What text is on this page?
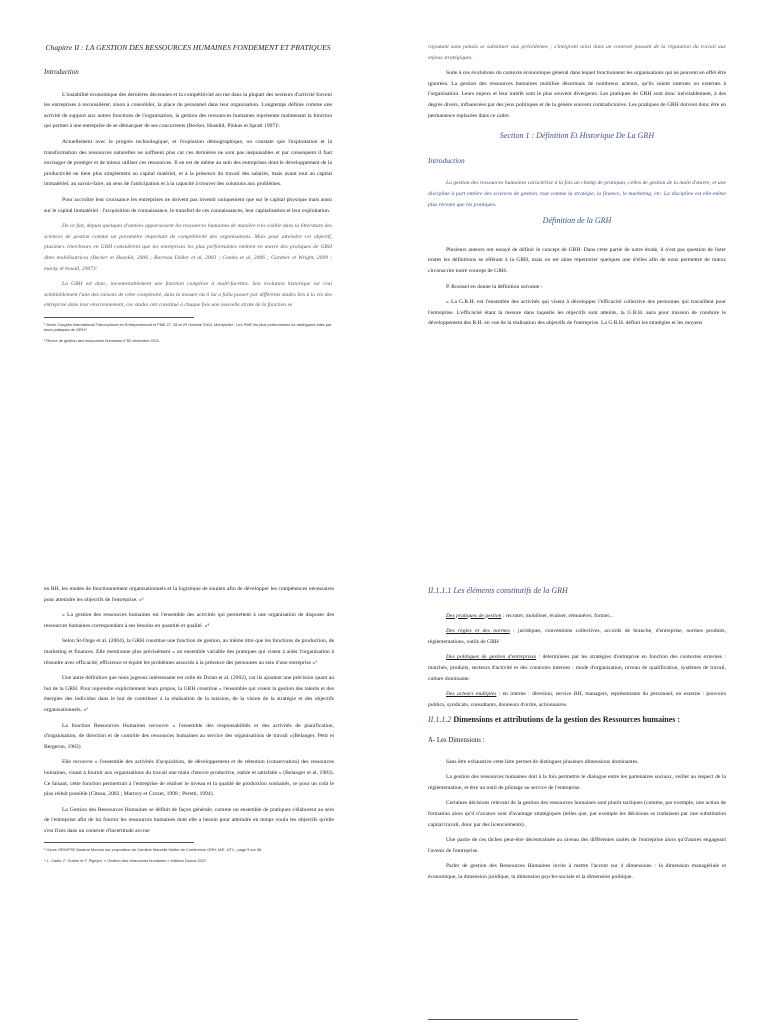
Chapitre II : LA GESTION DES RESSOURCES HUMAINES FONDEMENT ET PRATIQUES
Introduction

L'instabilité économique des dernières décennies et la compétitivité accrue dans la plupart des secteurs d'activité forcent les entreprises à reconsidérer, sinon à consolider, la place du personnel dans leur organisation. Longtemps définie comme une activité de support aux autres fonctions de l'organisation, la gestion des ressources humaines représente maintenant la fonction qui permet à une entreprise de se démarquer de ses concurrents (Becker, Huselid, Pinkus et Spratt 1997)¹.

Actuellement avec le progrès technologique, et l'explosion démographique, on constate que l'exploitation et la transformation des ressources naturelles ne suffisent plus car ces dernières ne sont pas inépuisables et par conséquent il faut envisager de protéger et de mieux utiliser ces ressources. Il en est de même au sein des entreprises dont le développement de la productivité ne tient plus simplement au capital matériel, et à la présence du travail des salariés, mais avant tout au capital immatériel, au savoir-faire, au sens de l'anticipation et à la capacité à trouver des solutions aux problèmes.

Pour accroître leur croissance les entreprises ne doivent pas investir uniquement que sur le capital physique mais aussi sur le capital immatériel : l'acquisition de connaissance, le transfert de ces connaissances, leur capitalisation et leur exploitation.

De ce fait, depuis quelques d'années apparaissent les ressources humaines de manière très visible dans la littérature des sciences de gestion comme un paramètre important de compétitivité des organisations. Mais pour atteindre cet objectif, plusieurs chercheurs en GRH considèrent que les entreprises les plus performantes mettent en œuvre des pratiques de GRH dites mobilisatrices (Becker et Huselid, 2006 ; Barreau Didier et al, 2003 ; Combs et al, 2006 ; Gardner et Wright, 2009 ; macky et boxall, 2007)²

La GRH est donc, incontestablement une fonction complexe à multi-facettes. Son évolution historique est vrai semblablement l'une des raisons de cette complexité, dans la mesure où il lui a fallu passer par différents stades liés à la vie des entreprise dans leur environnement, ces stades ont constitué à chaque fois une nouvelle strate de la fonction se

¹ 5ème Congrès International Francophone en Entrepreneuriat et PME 27, 28 et 29 Octobre 2004, Montpellier : Les PME les plus performantes se distinguent-elles par leurs pratiques de GRH?

² Revue de gestion des ressources humaines n°82 décembre 2011.

rajoutant sans jamais se substituer aux précédentes ; s'intégrant ainsi dans un contexte passant de la régulation du travail aux enjeux stratégiques.

Suite à ces évolutions du contexte économique général dans lequel fonctionnent les organisations qui ne peuvent en effet être ignorées. La gestion des ressources humaines mobilise désormais de nombreux acteurs, qu'ils soient internes ou externes à l'organisation. Leurs enjeux et leur intérêt sont le plus souvent divergents. Les pratiques de GRH sont donc inévitablement, à des degrés divers, influencées par des jeux politiques et de la génère souvent contradictoires. Les pratiques de GRH doivent donc être en permanence replacées dans ce cadre.

Section 1 : Définition Et Historique De La GRH
Introduction

La gestion des ressources humaines caractérise à la fois un champ de pratiques, celles de gestion de la main d'œuvre, et une discipline à part entière des sciences de gestion, tout comme la stratégie, la finance, le marketing, etc. La discipline est elle-même plus récente que les pratiques.

Définition de la GRH

Plusieurs auteurs ont essayé de définir le concept de GRH. Dans cette partie de notre étude, il n'est pas question de lister toutes les définitions se référant à la GRH, mais on est aime répertorier quelques une d'elles afin de nous permettre de mieux circonscrire notre concept de GRH.

P. Roussel en donne la définition suivante :

« La G.R.H. est l'ensemble des activités qui visent à développer l'efficacité collective des personnes qui travaillent pour l'entreprise. L'efficacité étant la mesure dans laquelle les objectifs sont atteints, la G.R.H. aura pour mission de conduire le développement des R.H. en vue de la réalisation des objectifs de l'entreprise. La G.R.H. définit les stratégies et les moyens

en RH, les modes de fonctionnement organisationnels et la logistique de soutien afin de développer les compétences nécessaires pour atteindre les objectifs de l'entreprise. »³

« La gestion des ressources humaines est l'ensemble des activités qui permettent à une organisation de disposer des ressources humaines correspondant à ses besoins en quantité et qualité. »⁴

Selon St-Onge et al. (2004), la GRH constitue une fonction de gestion, au même titre que les fonctions de production, de marketing et finances. Elle mentionne plus précisément « un ensemble variable des pratiques qui visent à aider l'organisation à résoudre avec efficacité, efficience et équité les problèmes associés à la présence des personnes au sein d'une entreprise »⁵

Une autre définition que nous jugeons intéressante est celle de Dolan et al. (2002), car ils ajoutent une précision quant au but de la GRH. Pour reprendre explicitement leurs propos, la GRH constitue « l'ensemble qui visent la gestion des talents et des énergies des individus dans le but de contribuer à la réalisation de la mission, de la vision de la stratégie et des objectifs organisationnels. »⁶

La fonction Ressources Humaines recouvre « l'ensemble des responsabilités et des activités de planification, d'organisation, de direction et de contrôle des ressources humaines au service des organisations de travail »(Belanger, Petit et Bergeron, 1983)

Elle recouvre « l'ensemble des activités d'acquisition, de développement et de rétention (conservation) des ressources humaines, visant à fournir aux organisations du travail une main d'œuvre productive, stable et satisfaite » (Belanger et al, 1983). Ce faisant, cette fonction permettrait à l'entreprise de réaliser le niveau et la qualité de production souhaités, ce pour un coût le plus réduit possible (Citeau, 2002 ; Martory et Crozet, 1998 ; Peretti, 1994).

La Gestion des Ressources Humaines se définit de façon générale, comme un ensemble de pratiques s'élaborent au sein de l'entreprise afin de lui fournir les ressources humaines dont elle a besoin pour atteindre en temps voulu les objectifs qu'elle s'est fixés dans un contexte d'incertitude accrue

³ Cours GRH/FSE Maxime Moreno sur proposition de Caroline Marcelle Maître de Conférence GRH, IAE -UT1 - page 5 sur 56

⁴ L. Cadin, F. Guérin et F. Pigeyre, « Gestion des ressources humaines » éditions Dunod 2007.

II.1.1.1 Les éléments constitutifs de la GRH

Des pratiques de gestion : recruter, mobiliser, évaluer, rémunérer, former...

Des règles et des normes : juridiques, conventions collectives, accords de branche, d'entreprise, normes produits, réglementations, outils de GRH

Des politiques de gestion d'entreprises : déterminées par les stratégies d'entreprise en fonction des contextes externes : marchés, produits, secteurs d'activité et des contextes internes : mode d'organisation, niveau de qualification, systèmes de travail, culture dominante.

Des acteurs multiples : en interne : direction, service RH, managers, représentants du personnel; en externe : pouvoirs publics, syndicats, consultants, donneurs d'ordre, actionnaires.

II.1.1.2 Dimensions et attributions de la gestion des Ressources humaines :
A- Les Dimensions :

Sans être exhaustive cette liste permet de distinguer plusieurs dimensions dominantes.

La gestion des ressources humaines doit à la fois permettre le dialogue entre les partenaires sociaux, veiller au respect de la réglementation, et être un outil de pilotage au service de l'entreprise.

Certaines décisions relevant de la gestion des ressources humaines sont plutôt tactiques (comme, par exemple, une action de formation alors qu'il n'avance sont d'avantage stratégiques (telles que, par exemple les décisions se traduisent par une substitution capital travail, donc par des licenciements).

Une partie de ces tâches peut-être décentralisée au niveau des différentes unités de l'entreprise alors qu'd'autres engageant l'avenir de l'entreprise.

Parler de gestion des Ressources Humaines invite à mettre l'accent sur 4 dimensions : la dimension managériale et économique, la dimension juridique, la dimension psycho-sociale et la dimension politique.
